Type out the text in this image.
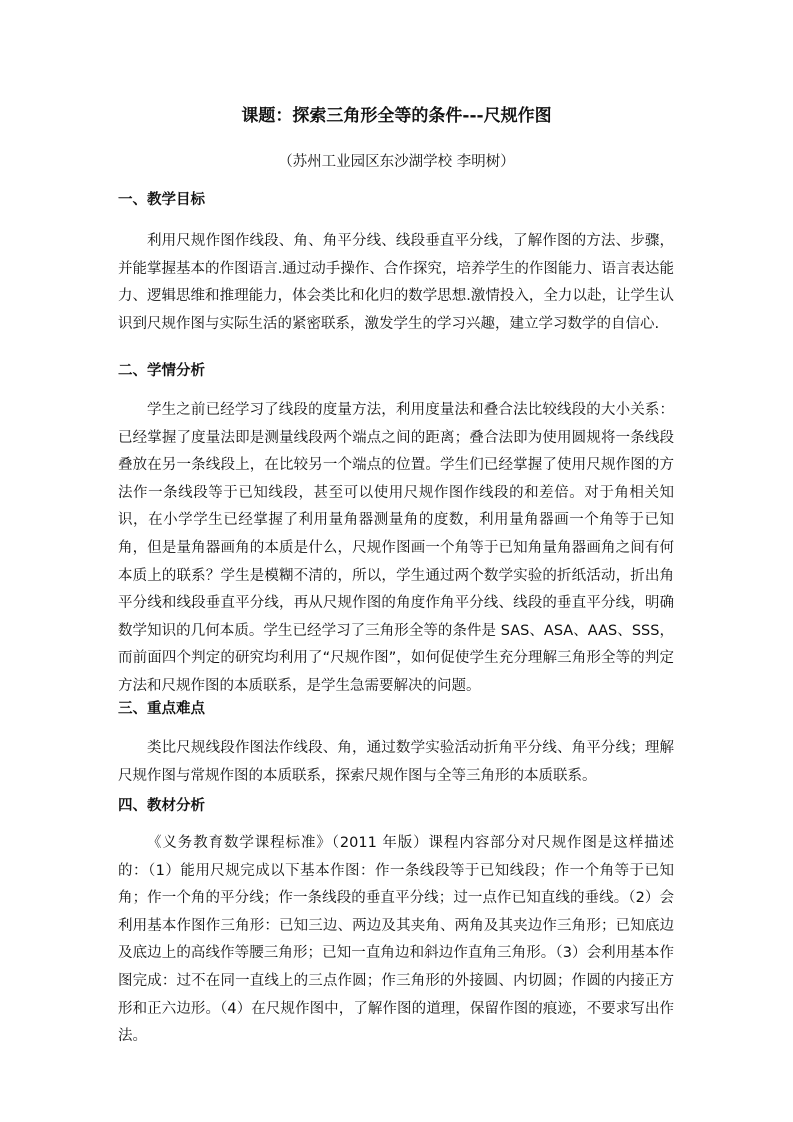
课题：探索三角形全等的条件---尺规作图
（苏州工业园区东沙湖学校 李明树）
一、教学目标
利用尺规作图作线段、角、角平分线、线段垂直平分线，了解作图的方法、步骤，并能掌握基本的作图语言.通过动手操作、合作探究，培养学生的作图能力、语言表达能力、逻辑思维和推理能力，体会类比和化归的数学思想.激情投入，全力以赴，让学生认识到尺规作图与实际生活的紧密联系，激发学生的学习兴趣，建立学习数学的自信心.
二、学情分析
学生之前已经学习了线段的度量方法，利用度量法和叠合法比较线段的大小关系：已经掌握了度量法即是测量线段两个端点之间的距离；叠合法即为使用圆规将一条线段叠放在另一条线段上，在比较另一个端点的位置。学生们已经掌握了使用尺规作图的方法作一条线段等于已知线段，甚至可以使用尺规作图作线段的和差倍。对于角相关知识，在小学学生已经掌握了利用量角器测量角的度数，利用量角器画一个角等于已知角，但是量角器画角的本质是什么，尺规作图画一个角等于已知角量角器画角之间有何本质上的联系？学生是模糊不清的，所以，学生通过两个数学实验的折纸活动，折出角平分线和线段垂直平分线，再从尺规作图的角度作角平分线、线段的垂直平分线，明确数学知识的几何本质。学生已经学习了三角形全等的条件是 SAS、ASA、AAS、SSS，而前面四个判定的研究均利用了“尺规作图”，如何促使学生充分理解三角形全等的判定方法和尺规作图的本质联系，是学生急需要解决的问题。
三、重点难点
类比尺规线段作图法作线段、角，通过数学实验活动折角平分线、角平分线；理解尺规作图与常规作图的本质联系，探索尺规作图与全等三角形的本质联系。
四、教材分析
《义务教育数学课程标准》（2011 年版）课程内容部分对尺规作图是这样描述的：（1）能用尺规完成以下基本作图：作一条线段等于已知线段；作一个角等于已知角；作一个角的平分线；作一条线段的垂直平分线；过一点作已知直线的垂线。（2）会利用基本作图作三角形：已知三边、两边及其夹角、两角及其夹边作三角形；已知底边及底边上的高线作等腰三角形；已知一直角边和斜边作直角三角形。（3）会利用基本作图完成：过不在同一直线上的三点作圆；作三角形的外接圆、内切圆；作圆的内接正方形和正六边形。（4）在尺规作图中，了解作图的道理，保留作图的痕迹，不要求写出作法。
